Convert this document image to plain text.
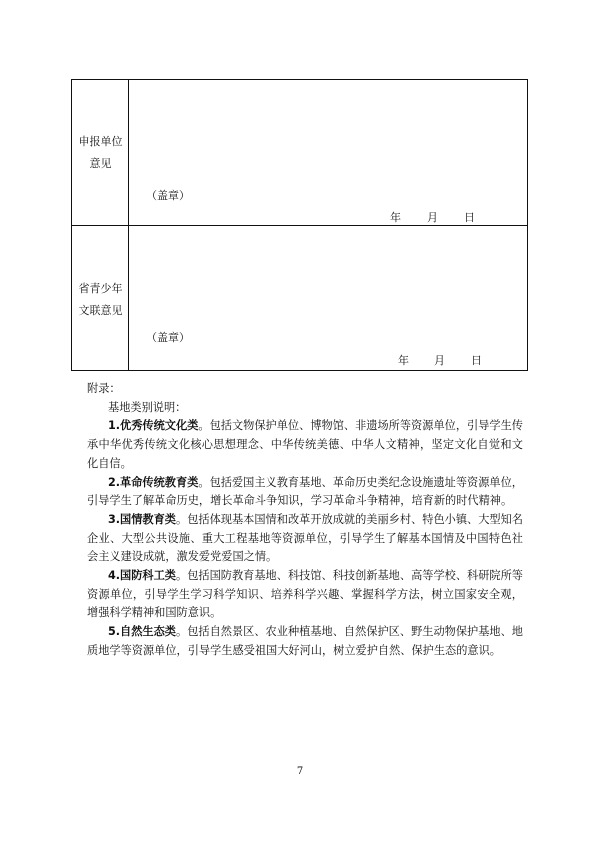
申报单位
意见
（盖章）
年 月 日
省青少年
文联意见
（盖章）
年 月 日

附录：

基地类别说明：

1.优秀传统文化类。包括文物保护单位、博物馆、非遗场所等资源单位，引导学生传承中华优秀传统文化核心思想理念、中华传统美德、中华人文精神，坚定文化自觉和文化自信。

2.革命传统教育类。包括爱国主义教育基地、革命历史类纪念设施遗址等资源单位，引导学生了解革命历史，增长革命斗争知识，学习革命斗争精神，培育新的时代精神。

3.国情教育类。包括体现基本国情和改革开放成就的美丽乡村、特色小镇、大型知名企业、大型公共设施、重大工程基地等资源单位，引导学生了解基本国情及中国特色社会主义建设成就，激发爱党爱国之情。

4.国防科工类。包括国防教育基地、科技馆、科技创新基地、高等学校、科研院所等资源单位，引导学生学习科学知识、培养科学兴趣、掌握科学方法，树立国家安全观，增强科学精神和国防意识。

5.自然生态类。包括自然景区、农业种植基地、自然保护区、野生动物保护基地、地质地学等资源单位，引导学生感受祖国大好河山，树立爱护自然、保护生态的意识。

7
